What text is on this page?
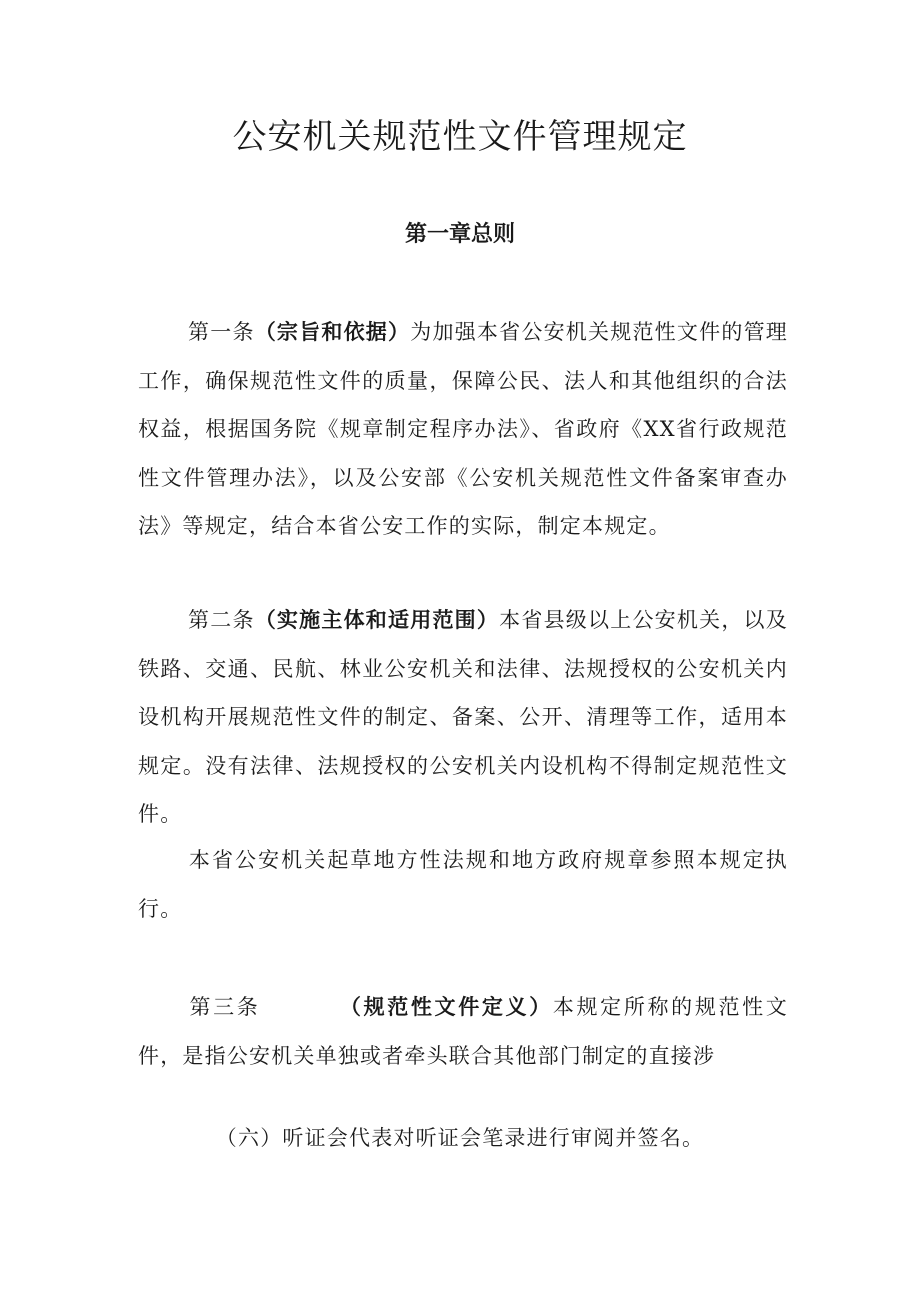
公安机关规范性文件管理规定
第一章总则

第一条（宗旨和依据）为加强本省公安机关规范性文件的管理工作，确保规范性文件的质量，保障公民、法人和其他组织的合法权益，根据国务院《规章制定程序办法》、省政府《XX省行政规范性文件管理办法》，以及公安部《公安机关规范性文件备案审查办法》等规定，结合本省公安工作的实际，制定本规定。

第二条（实施主体和适用范围）本省县级以上公安机关，以及铁路、交通、民航、林业公安机关和法律、法规授权的公安机关内设机构开展规范性文件的制定、备案、公开、清理等工作，适用本规定。没有法律、法规授权的公安机关内设机构不得制定规范性文件。

本省公安机关起草地方性法规和地方政府规章参照本规定执行。

第三条	（规范性文件定义）本规定所称的规范性文件，是指公安机关单独或者牵头联合其他部门制定的直接涉

（六）听证会代表对听证会笔录进行审阅并签名。
